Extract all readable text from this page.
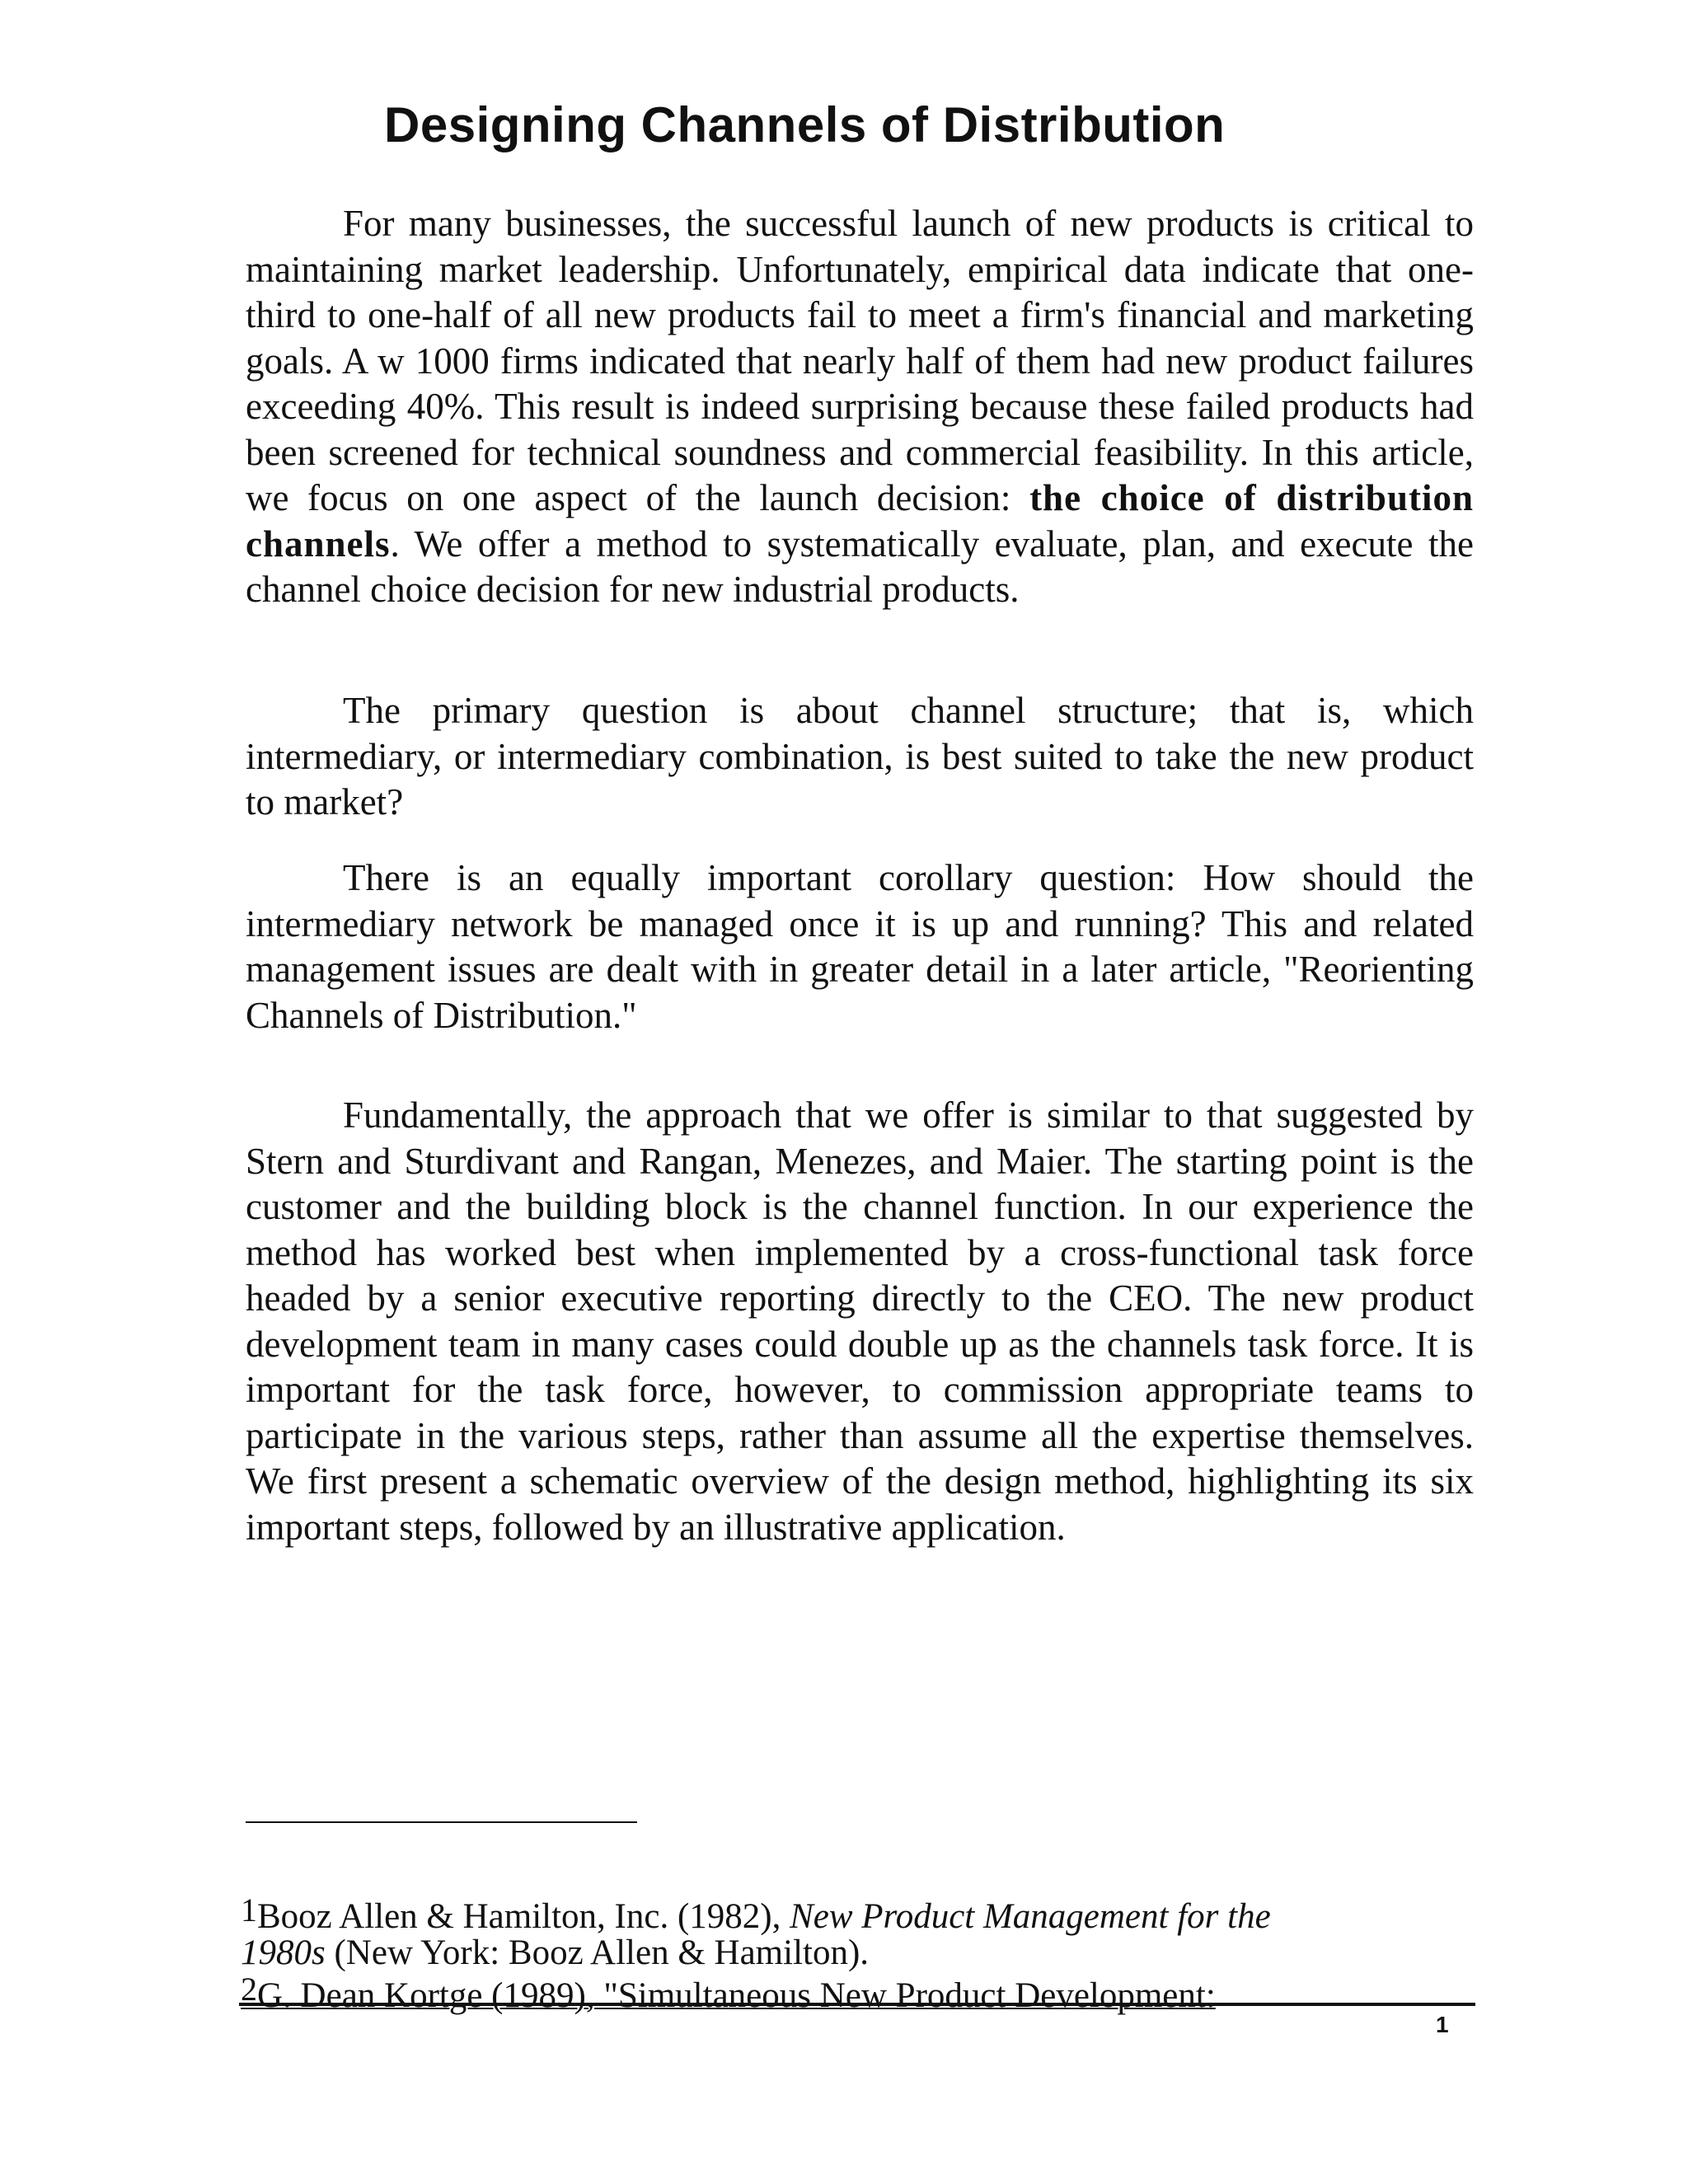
Designing Channels of Distribution

For many businesses, the successful launch of new products is critical to maintaining market leadership. Unfortunately, empirical data indicate that one-third to one-half of all new products fail to meet a firm's financial and marketing goals. A w 1000 firms indicated that nearly half of them had new product failures exceeding 40%. This result is indeed surprising because these failed products had been screened for technical soundness and commercial feasibility. In this article, we focus on one aspect of the launch decision: the choice of distribution channels. We offer a method to systematically evaluate, plan, and execute the channel choice decision for new industrial products.

The primary question is about channel structure; that is, which intermediary, or intermediary combination, is best suited to take the new product to market?

There is an equally important corollary question: How should the intermediary network be managed once it is up and running? This and related management issues are dealt with in greater detail in a later article, "Reorienting Channels of Distribution."

Fundamentally, the approach that we offer is similar to that suggested by Stern and Sturdivant and Rangan, Menezes, and Maier. The starting point is the customer and the building block is the channel function. In our experience the method has worked best when implemented by a cross-functional task force headed by a senior executive reporting directly to the CEO. The new product development team in many cases could double up as the channels task force. It is important for the task force, however, to commission appropriate teams to participate in the various steps, rather than assume all the expertise themselves. We first present a schematic overview of the design method, highlighting its six important steps, followed by an illustrative application.

1Booz Allen & Hamilton, Inc. (1982), New Product Management for the
1980s (New York: Booz Allen & Hamilton).
2G. Dean Kortge (1989), "Simultaneous New Product Development:
1
